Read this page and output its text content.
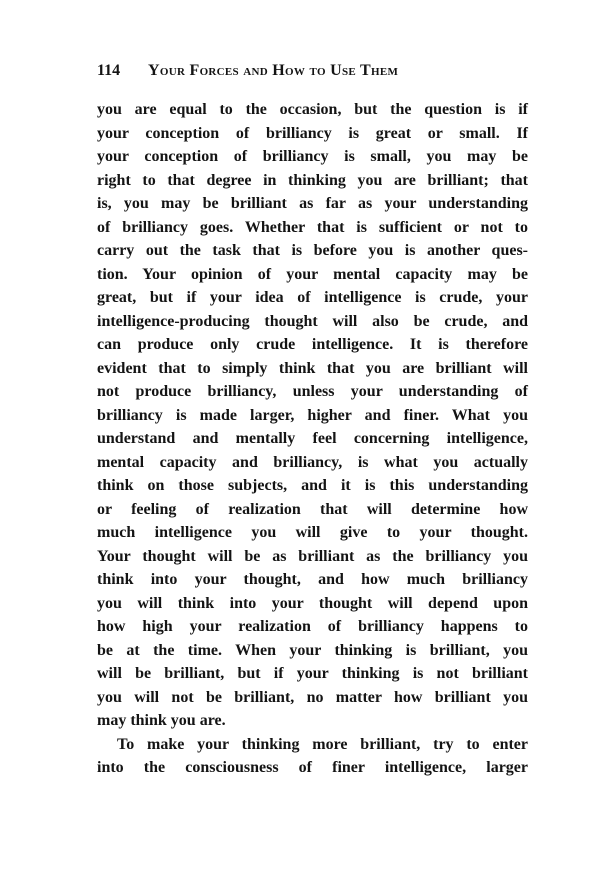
114 Your Forces and How to Use Them
you are equal to the occasion, but the question is if
your conception of brilliancy is great or small. If
your conception of brilliancy is small, you may be
right to that degree in thinking you are brilliant; that
is, you may be brilliant as far as your understanding
of brilliancy goes. Whether that is sufficient or not to
carry out the task that is before you is another ques-
tion. Your opinion of your mental capacity may be
great, but if your idea of intelligence is crude, your
intelligence-producing thought will also be crude, and
can produce only crude intelligence. It is therefore
evident that to simply think that you are brilliant will
not produce brilliancy, unless your understanding of
brilliancy is made larger, higher and finer. What you
understand and mentally feel concerning intelligence,
mental capacity and brilliancy, is what you actually
think on those subjects, and it is this understanding
or feeling of realization that will determine how
much intelligence you will give to your thought.
Your thought will be as brilliant as the brilliancy you
think into your thought, and how much brilliancy
you will think into your thought will depend upon
how high your realization of brilliancy happens to
be at the time. When your thinking is brilliant, you
will be brilliant, but if your thinking is not brilliant
you will not be brilliant, no matter how brilliant you
may think you are.
To make your thinking more brilliant, try to enter
into the consciousness of finer intelligence, larger
